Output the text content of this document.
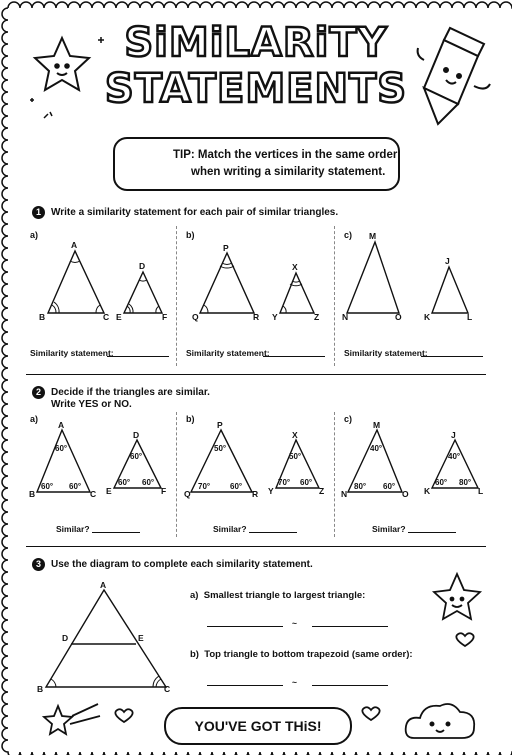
SiMiLARiTY
STATEMENTS
TIP: Match the vertices in the same order
when writing a similarity statement.
1 Write a similarity statement for each pair of similar triangles.
a)	b)	c)
A
B	C
D
E	F
P
Q	R
X
Y	Z
M
N	O
J
K	L
Similarity statement:	Similarity statement:	Similarity statement:
2 Decide if the triangles are similar.
Write YES or NO.
a)	b)	c)
A
B	C
60°
60° 60°
D
E	F
60°
60° 60°
P
Q	R
50°
70° 60°
X
Y	Z
50°
70° 60°
M
N	O
40°
80° 60°
J
K	L
40°
60° 80°
Similar?	Similar?	Similar?
3 Use the diagram to complete each similarity statement.
A
D	E
B	C
a) Smallest triangle to largest triangle:
~
b) Top triangle to bottom trapezoid (same order):
~
YOU'VE GOT THiS!
